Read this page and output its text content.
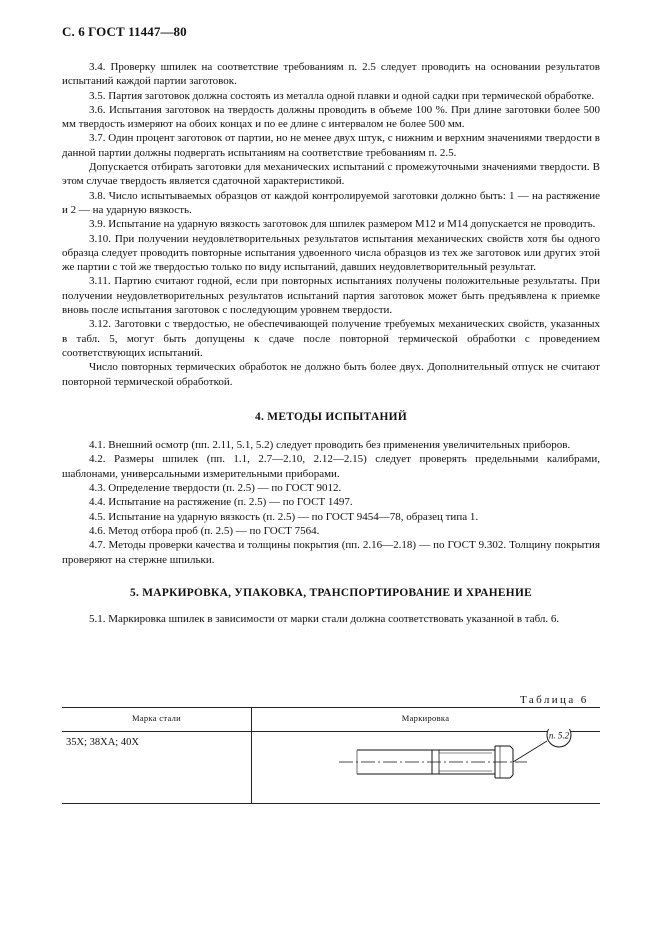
С. 6 ГОСТ 11447—80

3.4. Проверку шпилек на соответствие требованиям п. 2.5 следует проводить на основании результатов испытаний каждой партии заготовок.

3.5. Партия заготовок должна состоять из металла одной плавки и одной садки при термической обработке.

3.6. Испытания заготовок на твердость должны проводить в объеме 100 %. При длине заготовки более 500 мм твердость измеряют на обоих концах и по ее длине с интервалом не более 500 мм.

3.7. Один процент заготовок от партии, но не менее двух штук, с нижним и верхним значениями твердости в данной партии должны подвергать испытаниям на соответствие требованиям п. 2.5.

Допускается отбирать заготовки для механических испытаний с промежуточными значениями твердости. В этом случае твердость является сдаточной характеристикой.

3.8. Число испытываемых образцов от каждой контролируемой заготовки должно быть: 1 — на растяжение и 2 — на ударную вязкость.

3.9. Испытание на ударную вязкость заготовок для шпилек размером М12 и М14 допускается не проводить.

3.10. При получении неудовлетворительных результатов испытания механических свойств хотя бы одного образца следует проводить повторные испытания удвоенного числа образцов из тех же заготовок или других этой же партии с той же твердостью только по виду испытаний, давших неудовлетворительный результат.

3.11. Партию считают годной, если при повторных испытаниях получены положительные результаты. При получении неудовлетворительных результатов испытаний партия заготовок может быть предъявлена к приемке вновь после испытания заготовок с последующим уровнем твердости.

3.12. Заготовки с твердостью, не обеспечивающей получение требуемых механических свойств, указанных в табл. 5, могут быть допущены к сдаче после повторной термической обработки с проведением соответствующих испытаний.

Число повторных термических обработок не должно быть более двух. Дополнительный отпуск не считают повторной термической обработкой.

4. МЕТОДЫ ИСПЫТАНИЙ

4.1. Внешний осмотр (пп. 2.11, 5.1, 5.2) следует проводить без применения увеличительных приборов.

4.2. Размеры шпилек (пп. 1.1, 2.7—2.10, 2.12—2.15) следует проверять предельными калибрами, шаблонами, универсальными измерительными приборами.

4.3. Определение твердости (п. 2.5) — по ГОСТ 9012.

4.4. Испытание на растяжение (п. 2.5) — по ГОСТ 1497.

4.5. Испытание на ударную вязкость (п. 2.5) — по ГОСТ 9454—78, образец типа 1.

4.6. Метод отбора проб (п. 2.5) — по ГОСТ 7564.

4.7. Методы проверки качества и толщины покрытия (пп. 2.16—2.18) — по ГОСТ 9.302. Толщину покрытия проверяют на стержне шпильки.

5. МАРКИРОВКА, УПАКОВКА, ТРАНСПОРТИРОВАНИЕ И ХРАНЕНИЕ

5.1. Маркировка шпилек в зависимости от марки стали должна соответствовать указанной в табл. 6.

Таблица 6
Марка стали	Маркировка
35Х; 38ХА; 40Х
п. 5.2
